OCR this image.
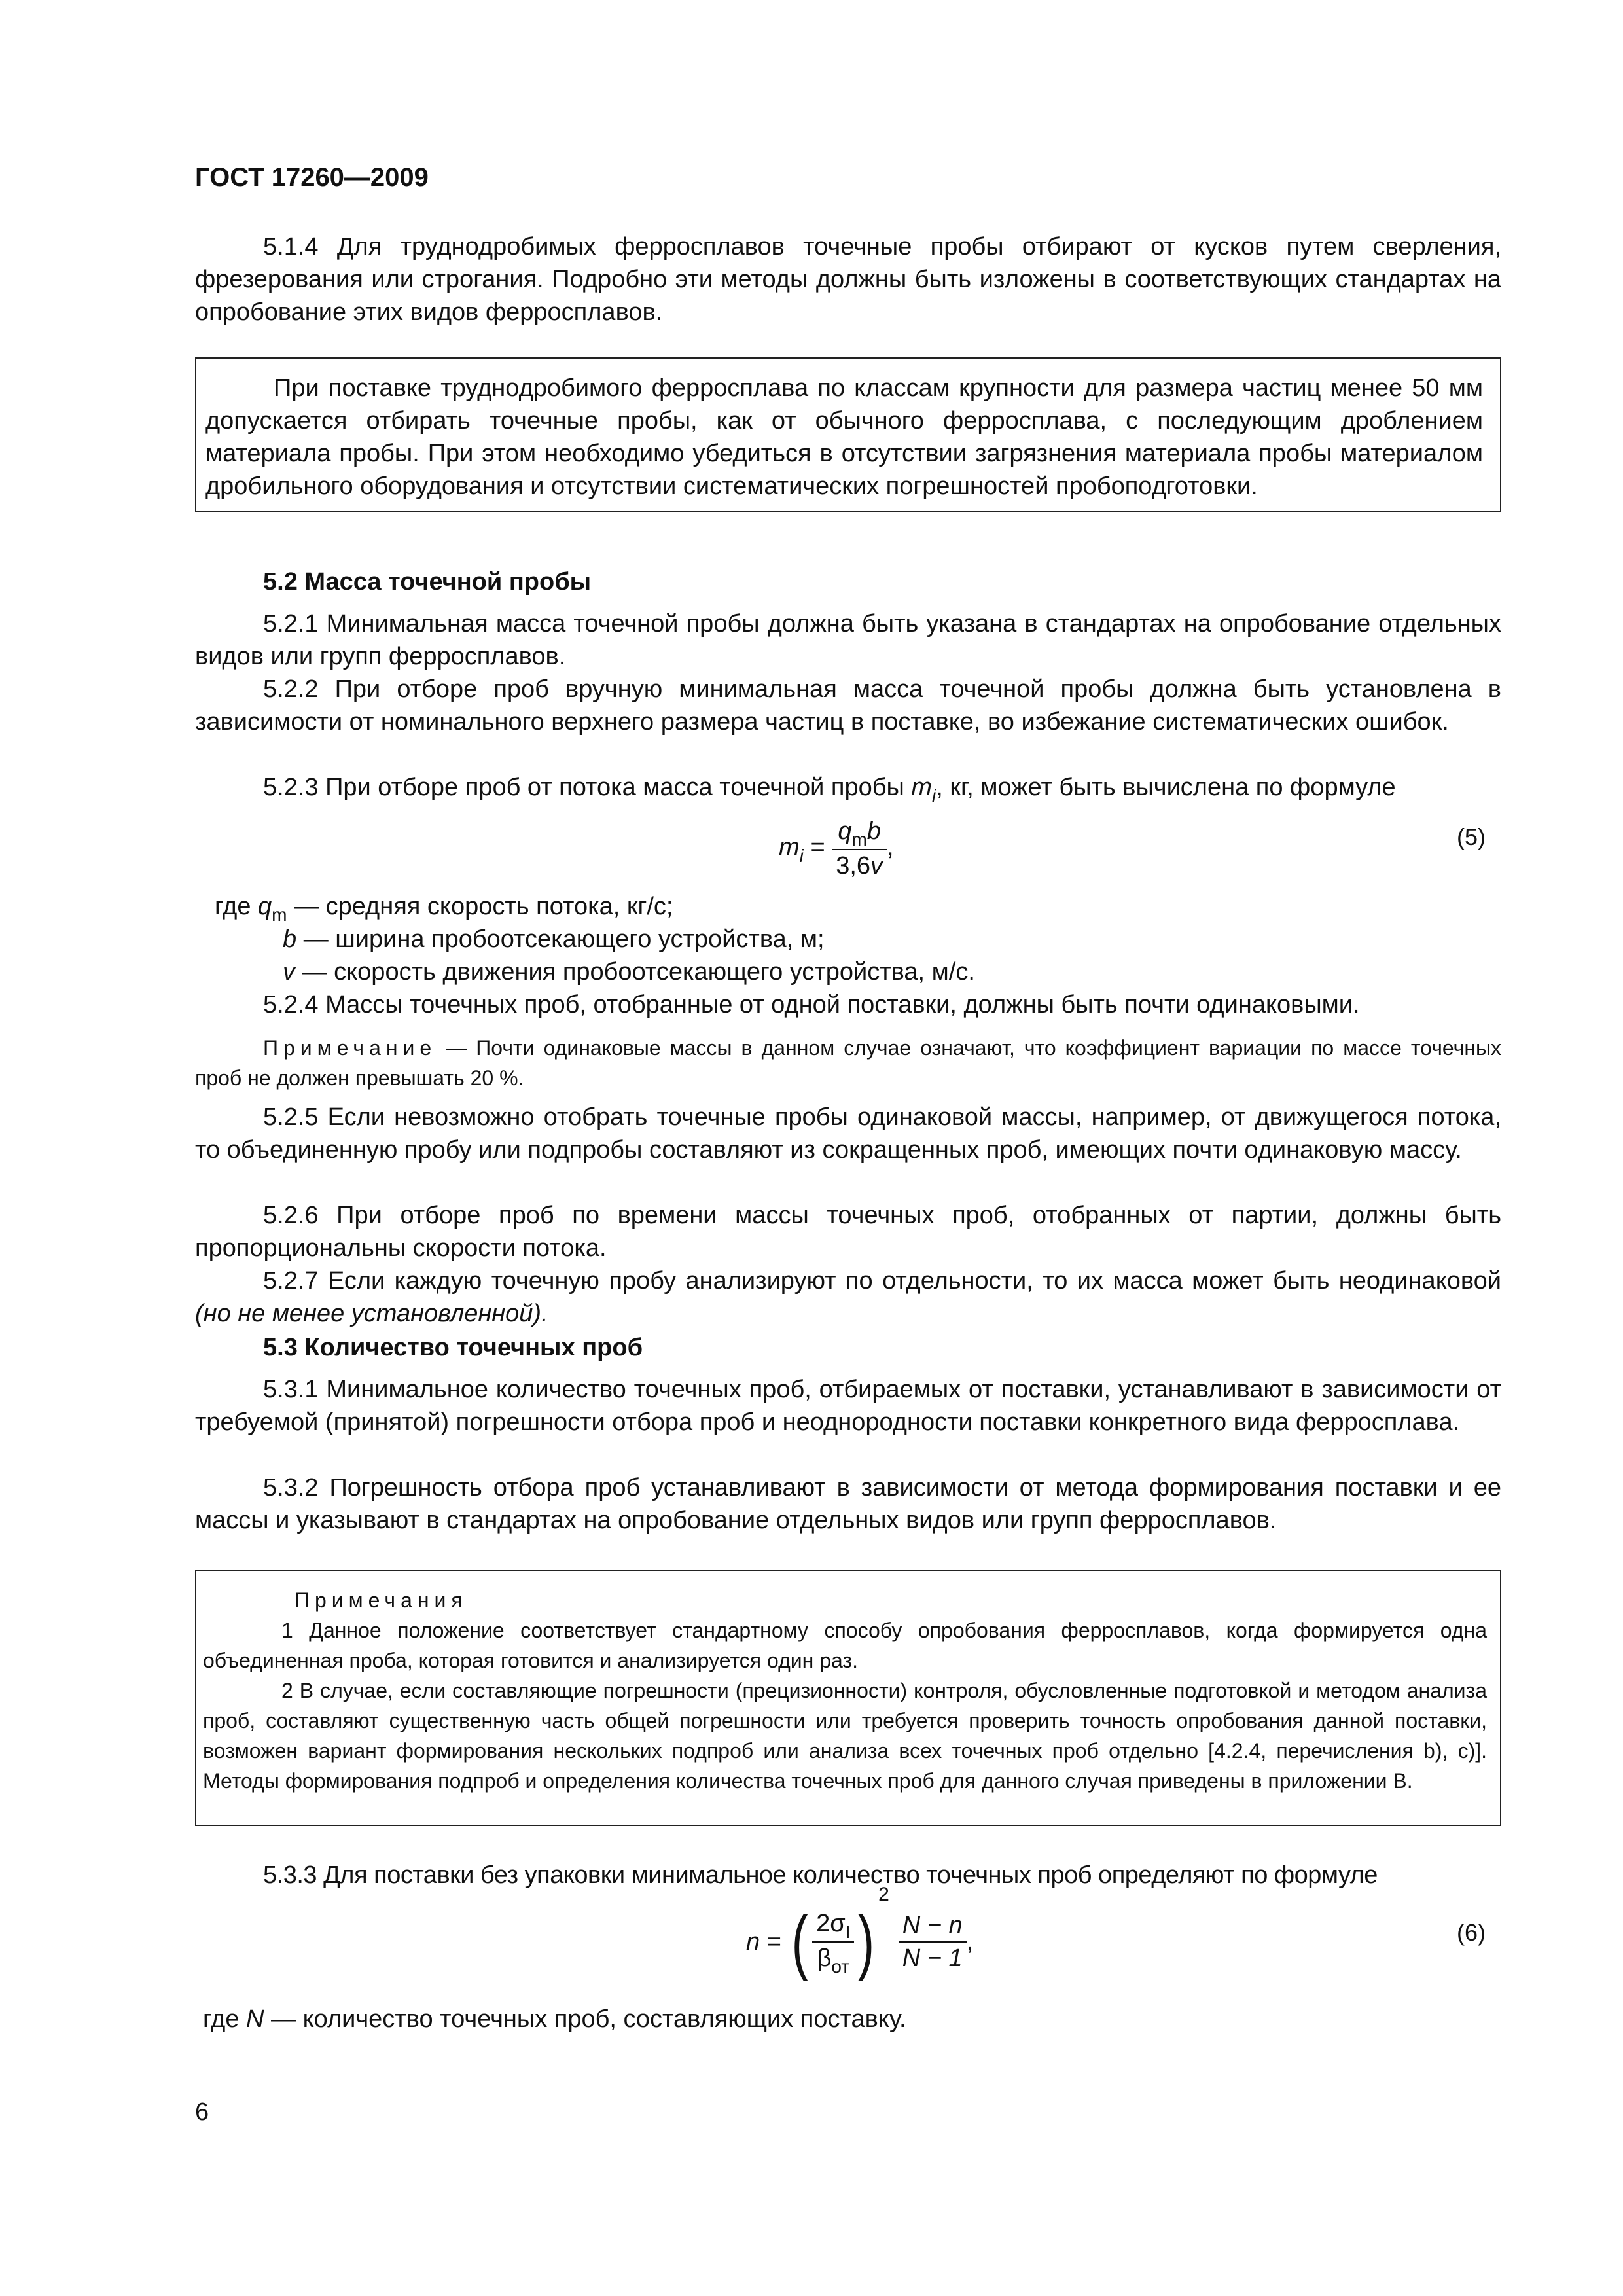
ГОСТ 17260—2009
5.1.4 Для труднодробимых ферросплавов точечные пробы отбирают от кусков путем сверления, фрезерования или строгания. Подробно эти методы должны быть изложены в соответствующих стандартах на опробование этих видов ферросплавов.
При поставке труднодробимого ферросплава по классам крупности для размера частиц менее 50 мм допускается отбирать точечные пробы, как от обычного ферросплава, с последующим дроблением материала пробы. При этом необходимо убедиться в отсутствии загрязнения материала пробы материалом дробильного оборудования и отсутствии систематических погрешностей пробоподготовки.
5.2 Масса точечной пробы
5.2.1 Минимальная масса точечной пробы должна быть указана в стандартах на опробование отдельных видов или групп ферросплавов.
5.2.2 При отборе проб вручную минимальная масса точечной пробы должна быть установлена в зависимости от номинального верхнего размера частиц в поставке, во избежание систематических ошибок.
5.2.3 При отборе проб от потока масса точечной пробы $m_i$, кг, может быть вычислена по формуле
$m_i = \frac{q_mb}{3,6v}$ ,	(5)
где $q_m$ — средняя скорость потока, кг/с;
b — ширина пробоотсекающего устройства, м;
v — скорость движения пробоотсекающего устройства, м/с.
5.2.4 Массы точечных проб, отобранные от одной поставки, должны быть почти одинаковыми.
Примечание — Почти одинаковые массы в данном случае означают, что коэффициент вариации по массе точечных проб не должен превышать 20 %.
5.2.5 Если невозможно отобрать точечные пробы одинаковой массы, например, от движущегося потока, то объединенную пробу или подпробы составляют из сокращенных проб, имеющих почти одинаковую массу.
5.2.6 При отборе проб по времени массы точечных проб, отобранных от партии, должны быть пропорциональны скорости потока.
5.2.7 Если каждую точечную пробу анализируют по отдельности, то их масса может быть неодинаковой (но не менее установленной).
5.3 Количество точечных проб
5.3.1 Минимальное количество точечных проб, отбираемых от поставки, устанавливают в зависимости от требуемой (принятой) погрешности отбора проб и неоднородности поставки конкретного вида ферросплава.
5.3.2 Погрешность отбора проб устанавливают в зависимости от метода формирования поставки и ее массы и указывают в стандартах на опробование отдельных видов или групп ферросплавов.
Примечания
1 Данное положение соответствует стандартному способу опробования ферросплавов, когда формируется одна объединенная проба, которая готовится и анализируется один раз.
2 В случае, если составляющие погрешности (прецизионности) контроля, обусловленные подготовкой и методом анализа проб, составляют существенную часть общей погрешности или требуется проверить точность опробования данной поставки, возможен вариант формирования нескольких подпроб или анализа всех точечных проб отдельно [4.2.4, перечисления b), c)]. Методы формирования подпроб и определения количества точечных проб для данного случая приведены в приложении В.
5.3.3 Для поставки без упаковки минимальное количество точечных проб определяют по формуле
n = ( $\frac{2\sigma_I}{\beta_{от}} )^2$
$\frac{N - n}{N - 1}$ ,	(6)
где N — количество точечных проб, составляющих поставку.
6
